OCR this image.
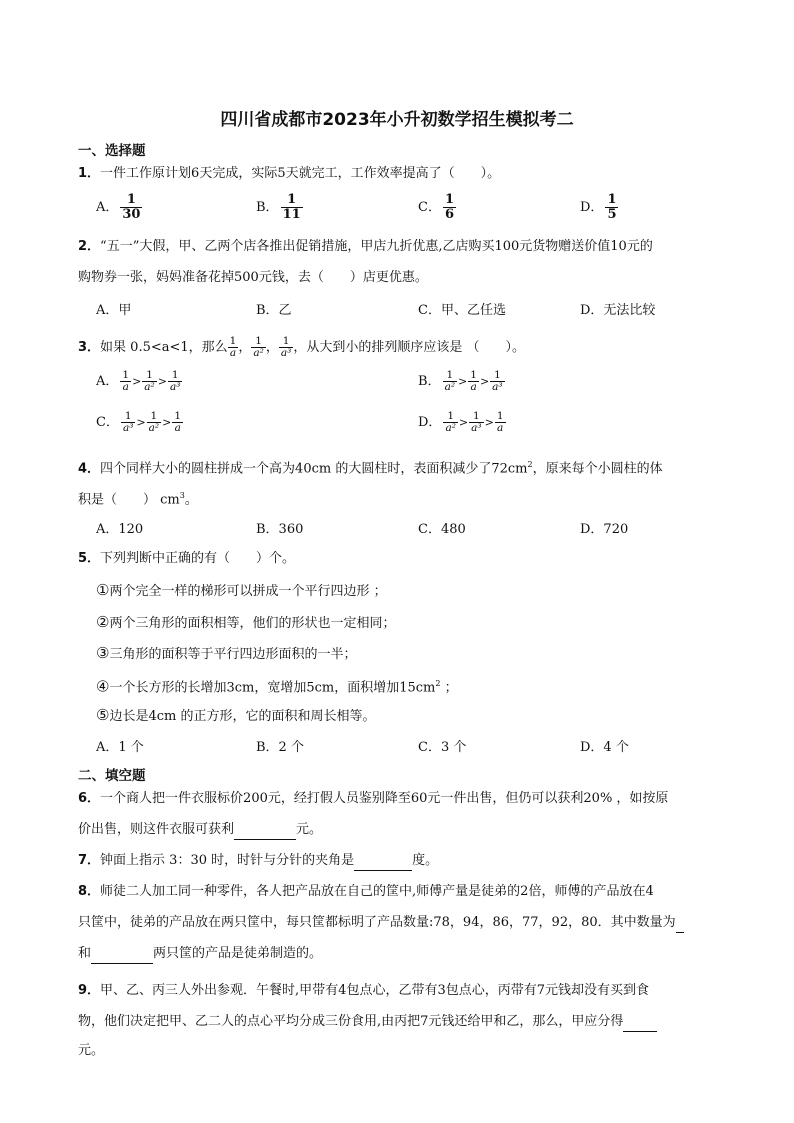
四川省成都市2023年小升初数学招生模拟考二
一、选择题
1．一件工作原计划6天完成，实际5天就完工，工作效率提高了（　　）。
A． $\frac{1}{30}$	B． $\frac{1}{11}$	C． $\frac{1}{6}$	D． $\frac{1}{5}$
2．“五一”大假，甲、乙两个店各推出促销措施，甲店九折优惠,乙店购买100元货物赠送价值10元的
购物券一张，妈妈准备花掉500元钱，去（　　）店更优惠。
A．甲	B．乙	C．甲、乙任选	D．无法比较
3．如果 0.5<a<1，那么 $\frac{1}{a}$ ， $\frac{1}{\text{a²}}$ ， $\frac{1}{\text{a³}}$ ，从大到小的排列顺序应该是 （　　）。
A． $\frac{1}{a} > \frac{1}{\text{a²}} > \frac{1}{\text{a³}}$	B． $\frac{1}{\text{a²}} > \frac{1}{a} > \frac{1}{\text{a³}}$
C． $\frac{1}{\text{a³}} > \frac{1}{\text{a²}} > \frac{1}{a}$	D． $\frac{1}{\text{a²}} > \frac{1}{\text{a³}} > \frac{1}{a}$
4．四个同样大小的圆柱拼成一个高为40cm 的大圆柱时，表面积减少了$72cm^2$，原来每个小圆柱的体
积是（　　） $cm^3$。
A．120	B．360	C．480	D．720
5．下列判断中正确的有（　　）个。
①两个完全一样的梯形可以拼成一个平行四边形 ；
②两个三角形的面积相等，他们的形状也一定相同；
③三角形的面积等于平行四边形面积的一半；
④一个长方形的长增加3cm，宽增加5cm，面积增加$15cm^2$ ；
⑤边长是4cm 的正方形，它的面积和周长相等。
A．1 个	B．2 个	C．3 个	D．4 个
二、填空题
6．一个商人把一件衣服标价200元，经打假人员鉴别降至60元一件出售，但仍可以获利20% ，如按原
价出售，则这件衣服可获利	元。
7．钟面上指示 3：30 时，时针与分针的夹角是	度。
8．师徒二人加工同一种零件，各人把产品放在自己的筐中,师傅产量是徒弟的2倍，师傅的产品放在4
只筐中，徒弟的产品放在两只筐中，每只筐都标明了产品数量:78，94，86，77，92，80．其中数量为
和	两只筐的产品是徒弟制造的。
9．甲、乙、丙三人外出参观．午餐时,甲带有4包点心，乙带有3包点心，丙带有7元钱却没有买到食
物，他们决定把甲、乙二人的点心平均分成三份食用,由丙把7元钱还给甲和乙，那么，甲应分得
元。
